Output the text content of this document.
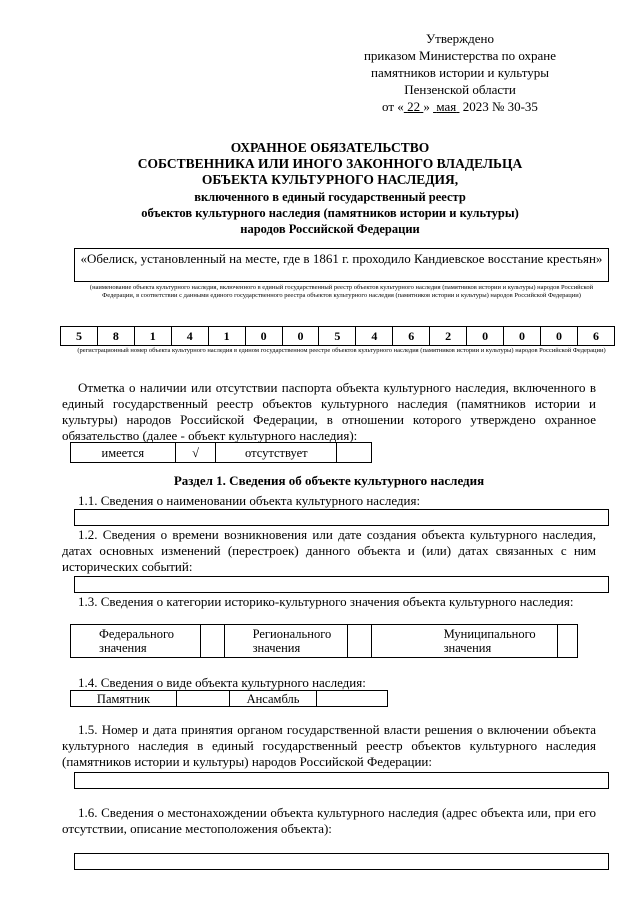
Утверждено
приказом Министерства по охране
памятников истории и культуры
Пензенской области
от « 22 » мая 2023 № 30-35
ОХРАННОЕ ОБЯЗАТЕЛЬСТВО
СОБСТВЕННИКА ИЛИ ИНОГО ЗАКОННОГО ВЛАДЕЛЬЦА
ОБЪЕКТА КУЛЬТУРНОГО НАСЛЕДИЯ,
включенного в единый государственный реестр
объектов культурного наследия (памятников истории и культуры)
народов Российской Федерации
«Обелиск, установленный на месте, где в 1861 г. проходило Кандиевское восстание крестьян»
(наименование объекта культурного наследия, включенного в единый государственный реестр объектов культурного наследия (памятников истории и культуры) народов Российской Федерации, в соответствии с данными единого государственного реестра объектов культурного наследия (памятников истории и культуры) народов Российской Федерации)
5	8	1	4	1	0	0	5	4	6	2	0	0	0	6
(регистрационный номер объекта культурного наследия в едином государственном реестре объектов культурного наследия (памятников истории и культуры) народов Российской Федерации)
Отметка о наличии или отсутствии паспорта объекта культурного наследия, включенного в единый государственный реестр объектов культурного наследия (памятников истории и культуры) народов Российской Федерации, в отношении которого утверждено охранное обязательство (далее - объект культурного наследия):
имеется	√	отсутствует	
Раздел 1. Сведения об объекте культурного наследия
1.1. Сведения о наименовании объекта культурного наследия:
1.2. Сведения о времени возникновения или дате создания объекта культурного наследия, датах основных изменений (перестроек) данного объекта и (или) датах связанных с ним исторических событий:
1.3. Сведения о категории историко-культурного значения объекта культурного наследия:
Федерального значения		Регионального значения		Муниципального значения	
1.4. Сведения о виде объекта культурного наследия:
Памятник		Ансамбль	
1.5. Номер и дата принятия органом государственной власти решения о включении объекта культурного наследия в единый государственный реестр объектов культурного наследия (памятников истории и культуры) народов Российской Федерации:
1.6. Сведения о местонахождении объекта культурного наследия (адрес объекта или, при его отсутствии, описание местоположения объекта):
